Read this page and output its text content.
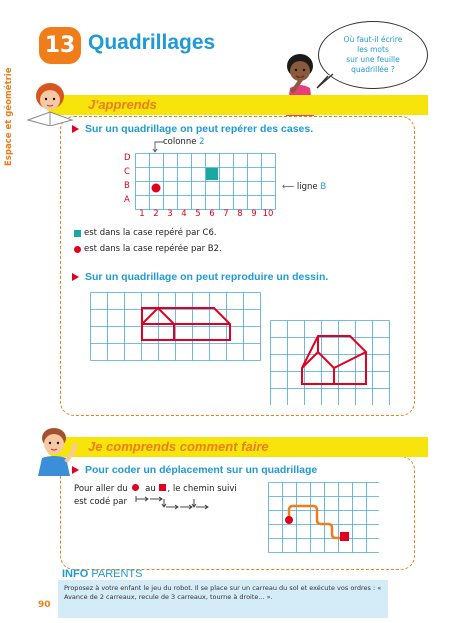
13 Quadrillages
Espace et géométrie
Où faut-il écrire
les mots
sur une feuille
quadrillée ?
J'apprends
Sur un quadrillage on peut repérer des cases.
colonne 2
D
C
B
A
1	2	3	4	5	6	7	8	9 10
⟵ ligne B
est dans la case repéré par C6.
est dans la case repérée par B2.
Sur un quadrillage on peut reproduire un dessin.
Je comprends comment faire
Pour coder un déplacement sur un quadrillage
Pour aller du au , le chemin suivi
est codé par
INFO PARENTS
Proposez à votre enfant le jeu du robot. Il se place sur un carreau du sol et exécute vos ordres : « Avance de 2 carreaux, recule de 3 carreaux, tourne à droite... ».
90
